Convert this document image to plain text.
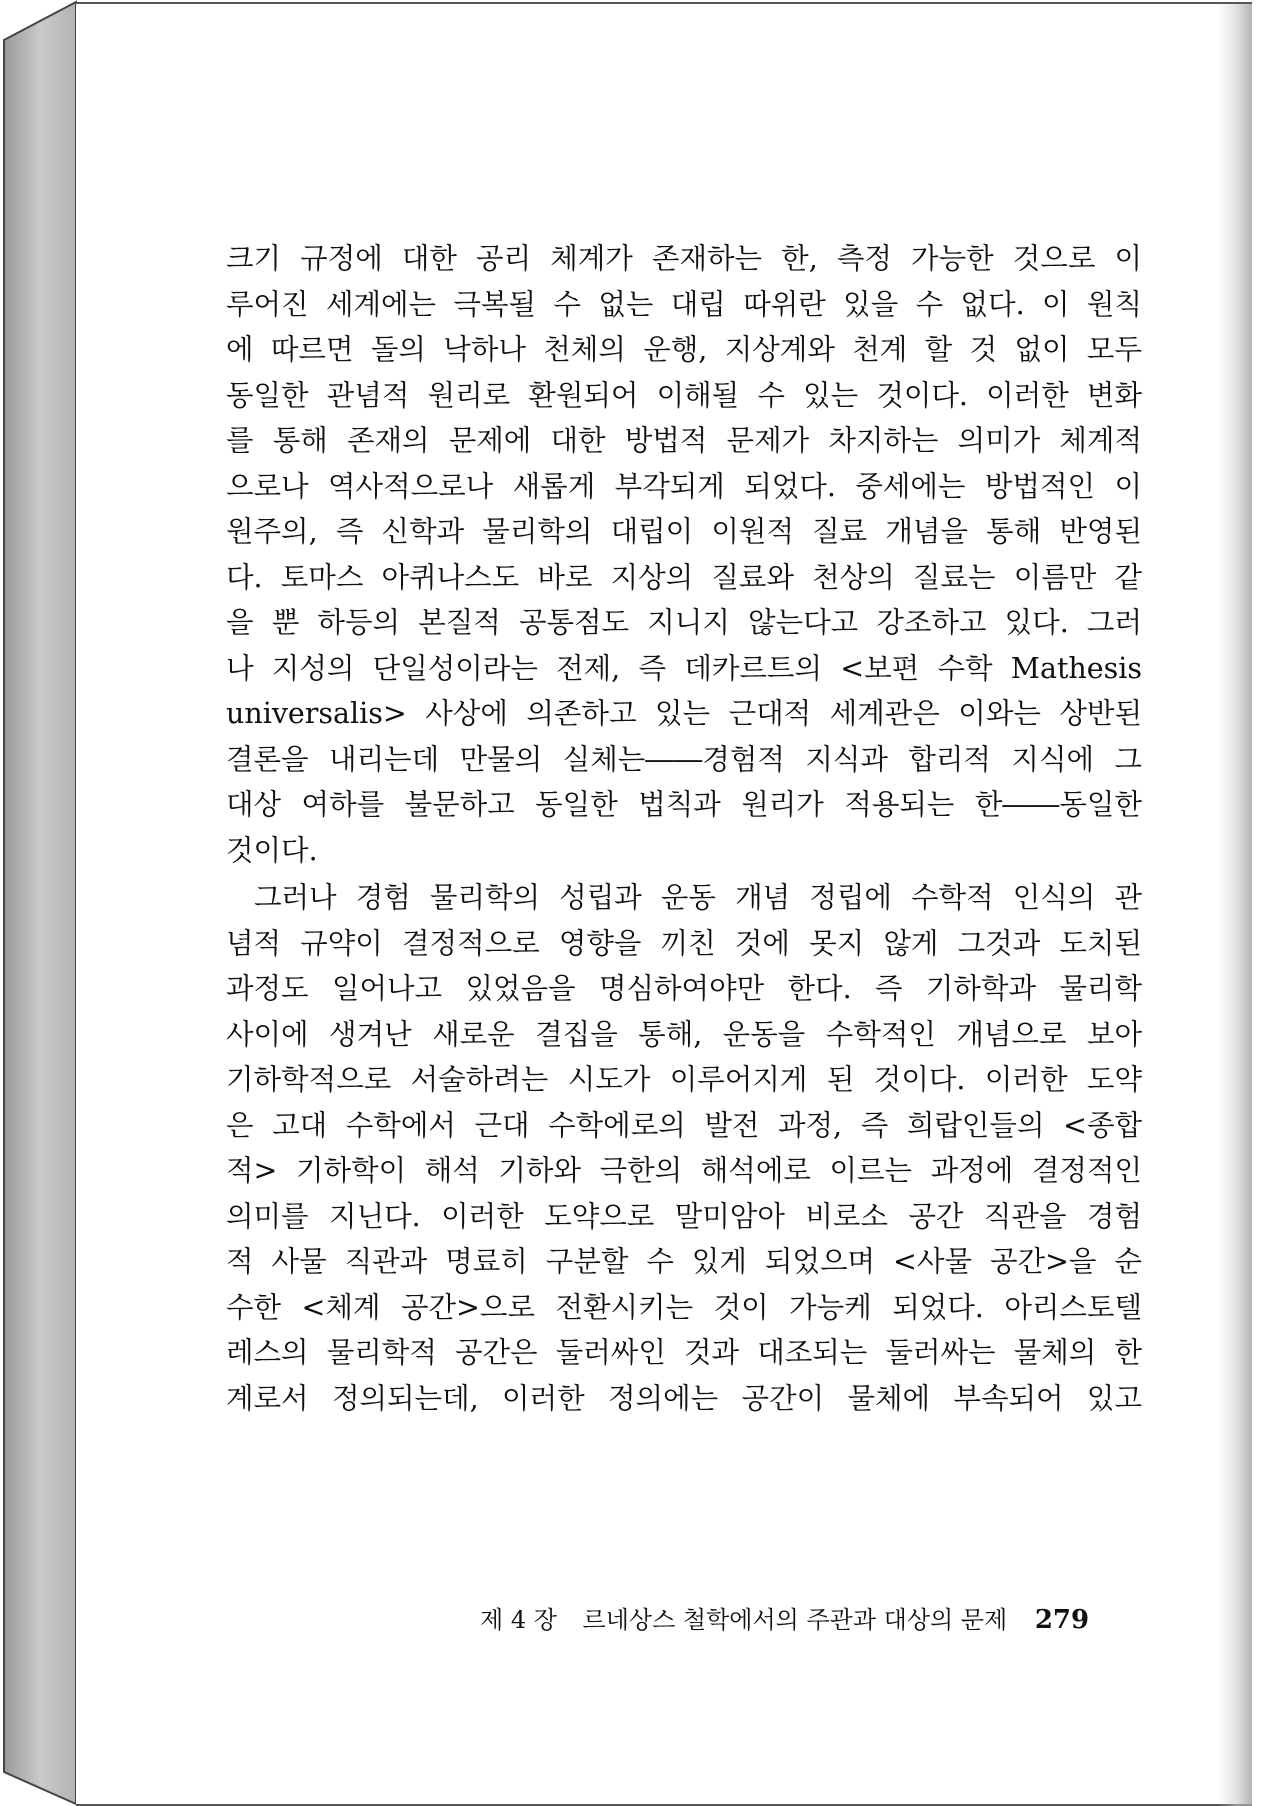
크기 규정에 대한 공리 체계가 존재하는 한, 측정 가능한 것으로 이
루어진 세계에는 극복될 수 없는 대립 따위란 있을 수 없다. 이 원칙
에 따르면 돌의 낙하나 천체의 운행, 지상계와 천계 할 것 없이 모두
동일한 관념적 원리로 환원되어 이해될 수 있는 것이다. 이러한 변화
를 통해 존재의 문제에 대한 방법적 문제가 차지하는 의미가 체계적
으로나 역사적으로나 새롭게 부각되게 되었다. 중세에는 방법적인 이
원주의, 즉 신학과 물리학의 대립이 이원적 질료 개념을 통해 반영된
다. 토마스 아퀴나스도 바로 지상의 질료와 천상의 질료는 이름만 같
을 뿐 하등의 본질적 공통점도 지니지 않는다고 강조하고 있다. 그러
나 지성의 단일성이라는 전제, 즉 데카르트의 <보편 수학 Mathesis
universalis> 사상에 의존하고 있는 근대적 세계관은 이와는 상반된
결론을 내리는데 만물의 실체는――경험적 지식과 합리적 지식에 그
대상 여하를 불문하고 동일한 법칙과 원리가 적용되는 한――동일한
것이다.
그러나 경험 물리학의 성립과 운동 개념 정립에 수학적 인식의 관
념적 규약이 결정적으로 영향을 끼친 것에 못지 않게 그것과 도치된
과정도 일어나고 있었음을 명심하여야만 한다. 즉 기하학과 물리학
사이에 생겨난 새로운 결집을 통해, 운동을 수학적인 개념으로 보아
기하학적으로 서술하려는 시도가 이루어지게 된 것이다. 이러한 도약
은 고대 수학에서 근대 수학에로의 발전 과정, 즉 희랍인들의 <종합
적> 기하학이 해석 기하와 극한의 해석에로 이르는 과정에 결정적인
의미를 지닌다. 이러한 도약으로 말미암아 비로소 공간 직관을 경험
적 사물 직관과 명료히 구분할 수 있게 되었으며 <사물 공간>을 순
수한 <체계 공간>으로 전환시키는 것이 가능케 되었다. 아리스토텔
레스의 물리학적 공간은 둘러싸인 것과 대조되는 둘러싸는 물체의 한
계로서 정의되는데, 이러한 정의에는 공간이 물체에 부속되어 있고
제 4 장 르네상스 철학에서의 주관과 대상의 문제 279
